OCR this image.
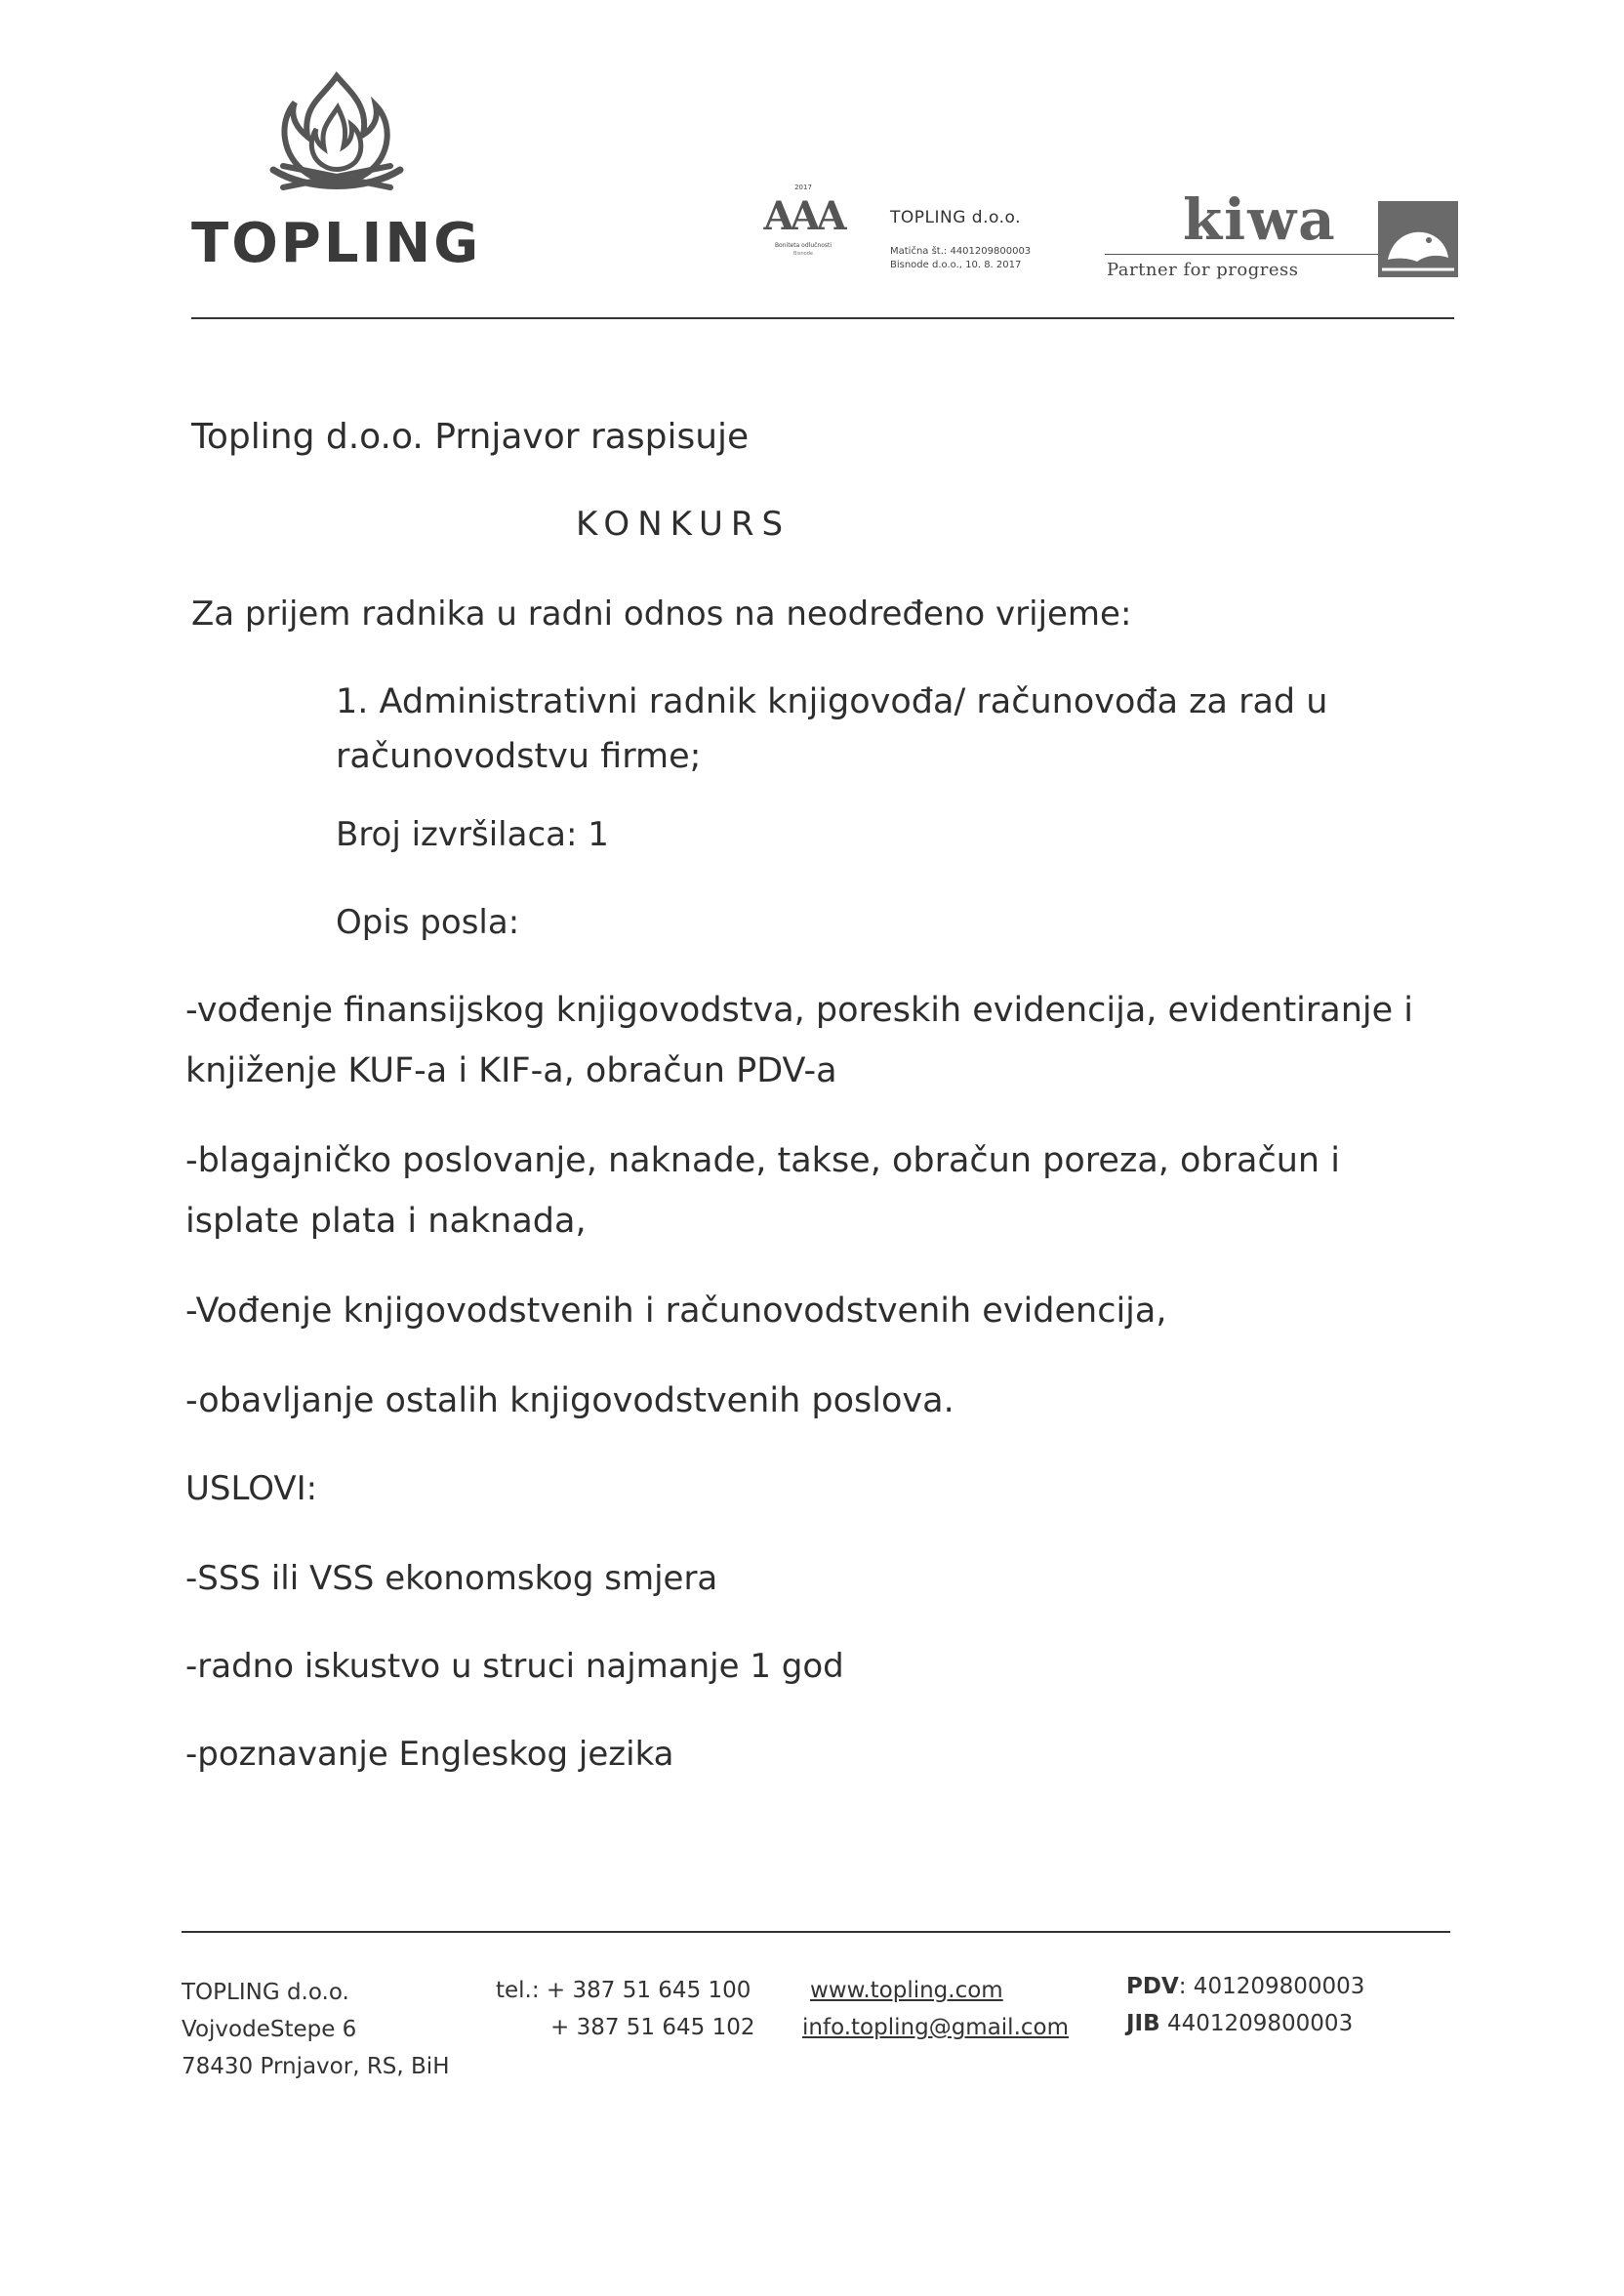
TOPLING
2017
AAA
Boniteta odlučnosti
Bisnode
TOPLING d.o.o.
Matična št.: 4401209800003
Bisnode d.o.o., 10. 8. 2017
kiwa
Partner for progress
Topling d.o.o. Prnjavor raspisuje
KONKURS
Za prijem radnika u radni odnos na neodređeno vrijeme:
1. Administrativni radnik knjigovođa/ računovođa za rad u
računovodstvu firme;
Broj izvršilaca: 1
Opis posla:
-vođenje finansijskog knjigovodstva, poreskih evidencija, evidentiranje i
knjiženje KUF-a i KIF-a, obračun PDV-a
-blagajničko poslovanje, naknade, takse, obračun poreza, obračun i
isplate plata i naknada,
-Vođenje knjigovodstvenih i računovodstvenih evidencija,
-obavljanje ostalih knjigovodstvenih poslova.
USLOVI:
-SSS ili VSS ekonomskog smjera
-radno iskustvo u struci najmanje 1 god
-poznavanje Engleskog jezika
TOPLING d.o.o.
VojvodeStepe 6
78430 Prnjavor, RS, BiH
tel.: + 387 51 645 100
+ 387 51 645 102
www.topling.com
info.topling@gmail.com
PDV: 401209800003
JIB 4401209800003
